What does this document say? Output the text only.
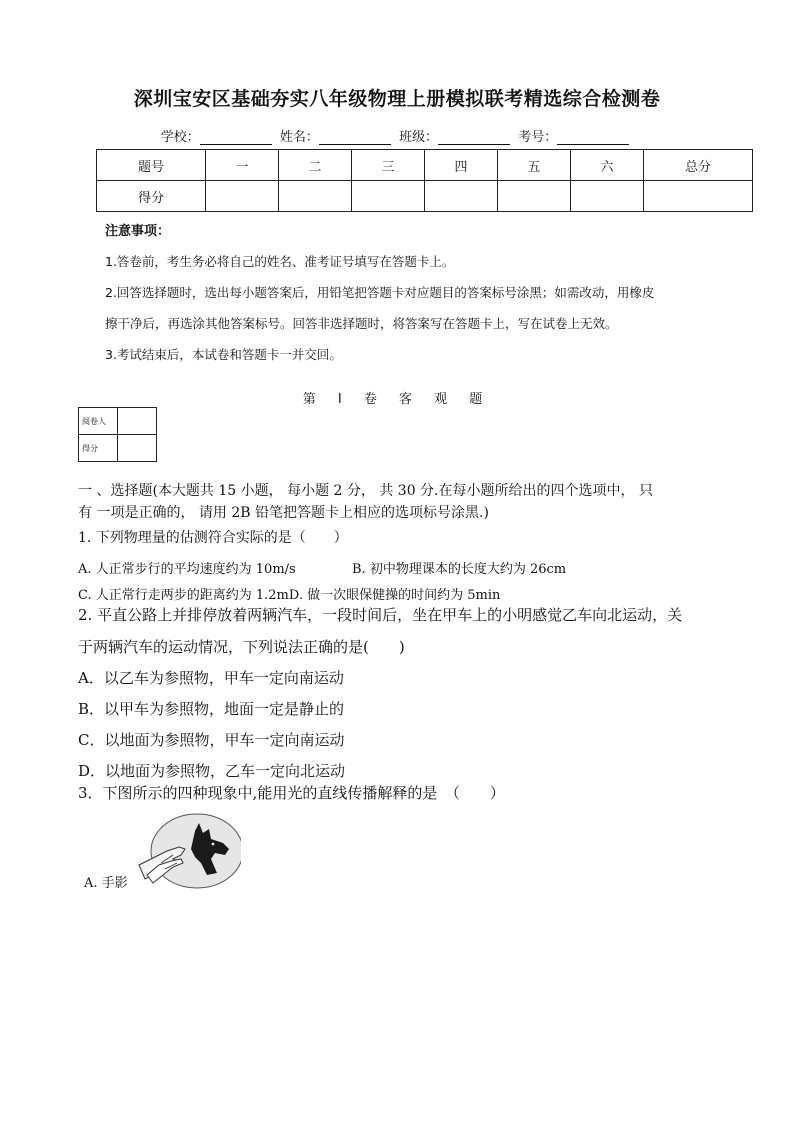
深圳宝安区基础夯实八年级物理上册模拟联考精选综合检测卷
学校：	姓名：	班级：	考号：
题号	一	二	三	四	五	六	总分
得分							
注意事项：
1.答卷前，考生务必将自己的姓名、准考证号填写在答题卡上。
2.回答选择题时，选出每小题答案后，用铅笔把答题卡对应题目的答案标号涂黑；如需改动，用橡皮
擦干净后，再选涂其他答案标号。回答非选择题时，将答案写在答题卡上，写在试卷上无效。
3.考试结束后，本试卷和答题卡一并交回。
第 I 卷 客 观 题
阅卷人	
得分	
一 、选择题(本大题共 15 小题， 每小题 2 分， 共 30 分.在每小题所给出的四个选项中， 只
有 一项是正确的， 请用 2B 铅笔把答题卡上相应的选项标号涂黑.)
1. 下列物理量的估测符合实际的是（　　）
A. 人正常步行的平均速度约为 10m/s	B. 初中物理课本的长度大约为 26cm
C. 人正常行走两步的距离约为 1.2mD. 做一次眼保健操的时间约为 5min
2. 平直公路上并排停放着两辆汽车，一段时间后，坐在甲车上的小明感觉乙车向北运动，关
于两辆汽车的运动情况，下列说法正确的是(　　)
A．以乙车为参照物，甲车一定向南运动
B．以甲车为参照物，地面一定是静止的
C．以地面为参照物，甲车一定向南运动
D．以地面为参照物，乙车一定向北运动
3．下图所示的四种现象中,能用光的直线传播解释的是　（　　）
A. 手影
